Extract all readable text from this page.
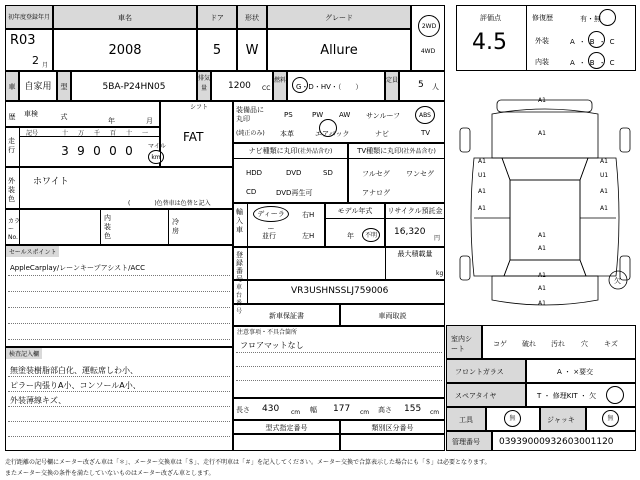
初年度登録年月	車名	ドア	形状	グレード
2WD
4WD
R03
2 月
2008	5	W	Allure
車歴
自家用	型式
5BA-P24HN05
排気量	1200 CC
燃料
G・D・HV・（　　）
定員 5 人
車検
年	月
走行
記号	十	万	千	百	十	一
3 9 0 0 0	マイル
km
シフト
FAT
外装色
ホワイト
(　　　　)色替車は色替と記入
カラーNo.
内装色
冷房
セールスポイント
AppleCarplay/レーンキープアシスト/ACC
検査記入欄
無塗装樹脂部白化、運転席しわ小、
ピラー内張りA小、コンソールA小、
外装薄線キズ、
装備品に丸印
(純正のみ)
PS	PW AW サンルーフ	ABS
本革	エアバック	ナビ	TV
ナビ種類に丸印(社外品含む)
HDD	DVD	SD
CD	DVD再生可
TV種類に丸印(社外品含む)
フルセグ ワンセグ
アナログ
輸入車
ディーラー
並行
右H
左H
モデル年式
年	不明
リサイクル預託金
16,320
円
登録番号
最大積載量
kg
車台番号
VR3USHNSSLJ759006
新車保証書	車両取説
注意事項・不具合箇所
フロアマットなし
長さ 430 cm 幅 177 cm 高さ 155 cm
型式指定番号	類別区分番号
評価点
4.5
修復歴	有・無
外装	A・B・C
内装	A・B・C
A1
A1
A1
U1	U1
A1
A1
A1
A1
A1
A1
A1
A1
A1
A1
欠
室内シート
コゲ 破れ 汚れ 穴 キズ
フロントガラス	A ・ ×要交
スペアタイヤ	T ・ 修理KIT ・ 欠
工具	無	ジャッキ	無
管理番号	03939000932603001120
走行距離の記号欄にメーター改ざん車は「＊」、メーター交換車は「＄」、走行不明車は「＃」を記入してください。メーター交換で合算表示した場合にも「＄」は必要となります。
またメーター交換の条件を満たしていないものはメーター改ざん車とします。
